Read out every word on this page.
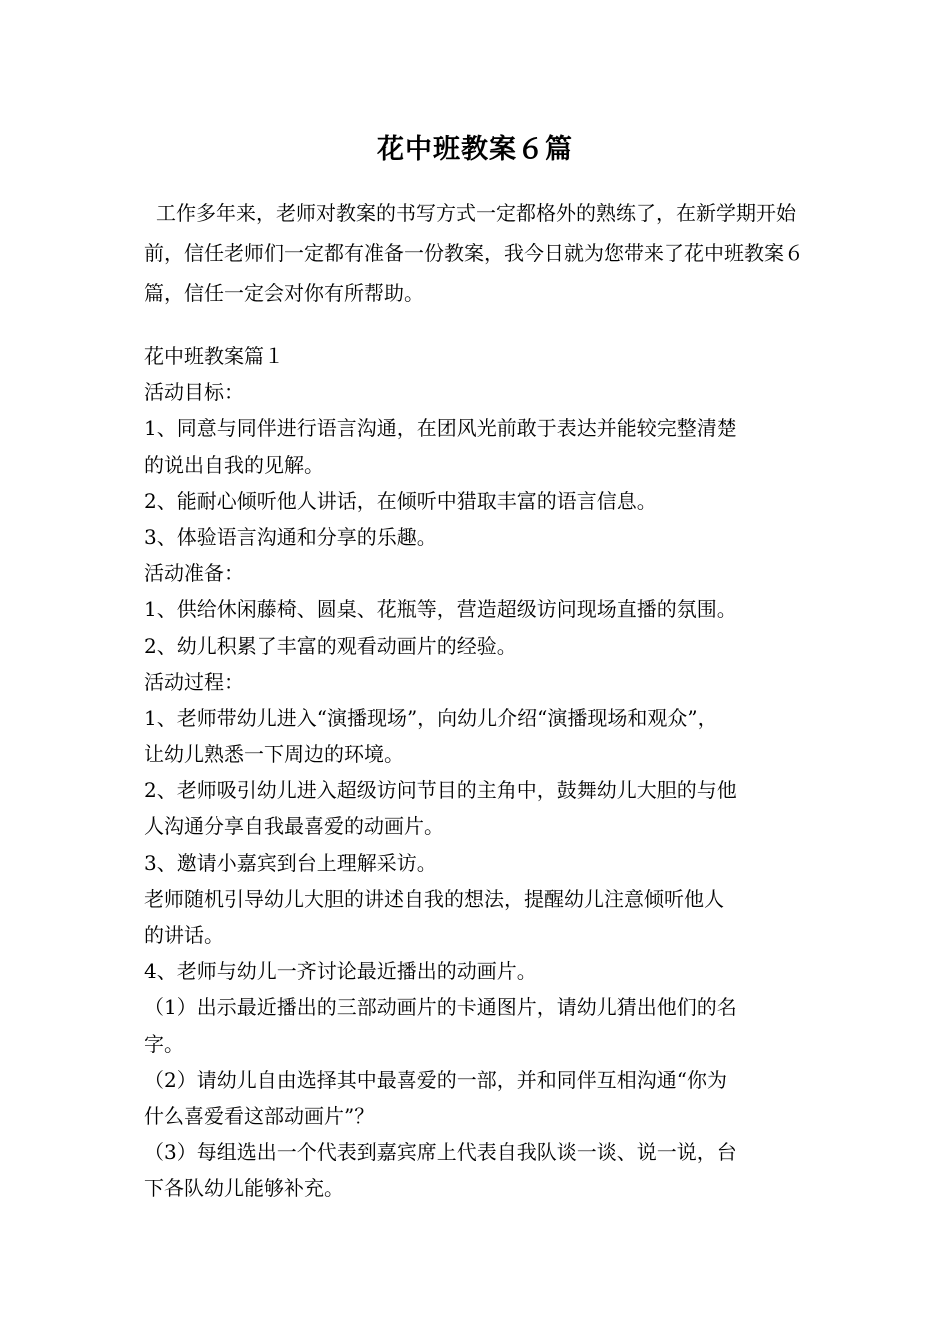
花中班教案６篇

工作多年来，老师对教案的书写方式一定都格外的熟练了，在新学期开始前，信任老师们一定都有准备一份教案，我今日就为您带来了花中班教案６篇，信任一定会对你有所帮助。

花中班教案篇１
活动目标：
1、同意与同伴进行语言沟通，在团风光前敢于表达并能较完整清楚
的说出自我的见解。
2、能耐心倾听他人讲话，在倾听中猎取丰富的语言信息。
3、体验语言沟通和分享的乐趣。
活动准备：
1、供给休闲藤椅、圆桌、花瓶等，营造超级访问现场直播的氛围。
2、幼儿积累了丰富的观看动画片的经验。
活动过程：
1、老师带幼儿进入“演播现场”，向幼儿介绍“演播现场和观众”，
让幼儿熟悉一下周边的环境。
2、老师吸引幼儿进入超级访问节目的主角中，鼓舞幼儿大胆的与他
人沟通分享自我最喜爱的动画片。
3、邀请小嘉宾到台上理解采访。
老师随机引导幼儿大胆的讲述自我的想法，提醒幼儿注意倾听他人
的讲话。
4、老师与幼儿一齐讨论最近播出的动画片。
（1）出示最近播出的三部动画片的卡通图片，请幼儿猜出他们的名
字。
（2）请幼儿自由选择其中最喜爱的一部，并和同伴互相沟通“你为
什么喜爱看这部动画片”？
（3）每组选出一个代表到嘉宾席上代表自我队谈一谈、说一说，台
下各队幼儿能够补充。
